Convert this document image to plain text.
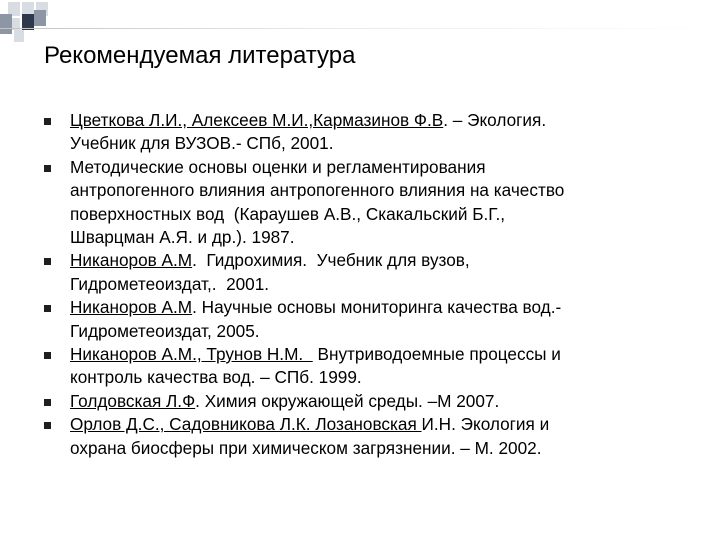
Рекомендуемая литература
Цветкова Л.И., Алексеев М.И.,Кармазинов Ф.В. – Экология.
Учебник для ВУЗОВ.- СПб, 2001.
Методические основы оценки и регламентирования
антропогенного влияния антропогенного влияния на качество
поверхностных вод  (Караушев А.В., Скакальский Б.Г.,
Шварцман А.Я. и др.). 1987.
Никаноров А.М.  Гидрохимия.  Учебник для вузов,
Гидрометеоиздат,.  2001.
Никаноров А.М. Научные основы мониторинга качества вод.-
Гидрометеоиздат, 2005.
Никаноров А.М., Трунов Н.М.   Внутриводоемные процессы и
контроль качества вод. – СПб. 1999.
Голдовская Л.Ф. Химия окружающей среды. –М 2007.
Орлов Д.С., Садовникова Л.К. Лозановская И.Н. Экология и
охрана биосферы при химическом загрязнении. – М. 2002.
